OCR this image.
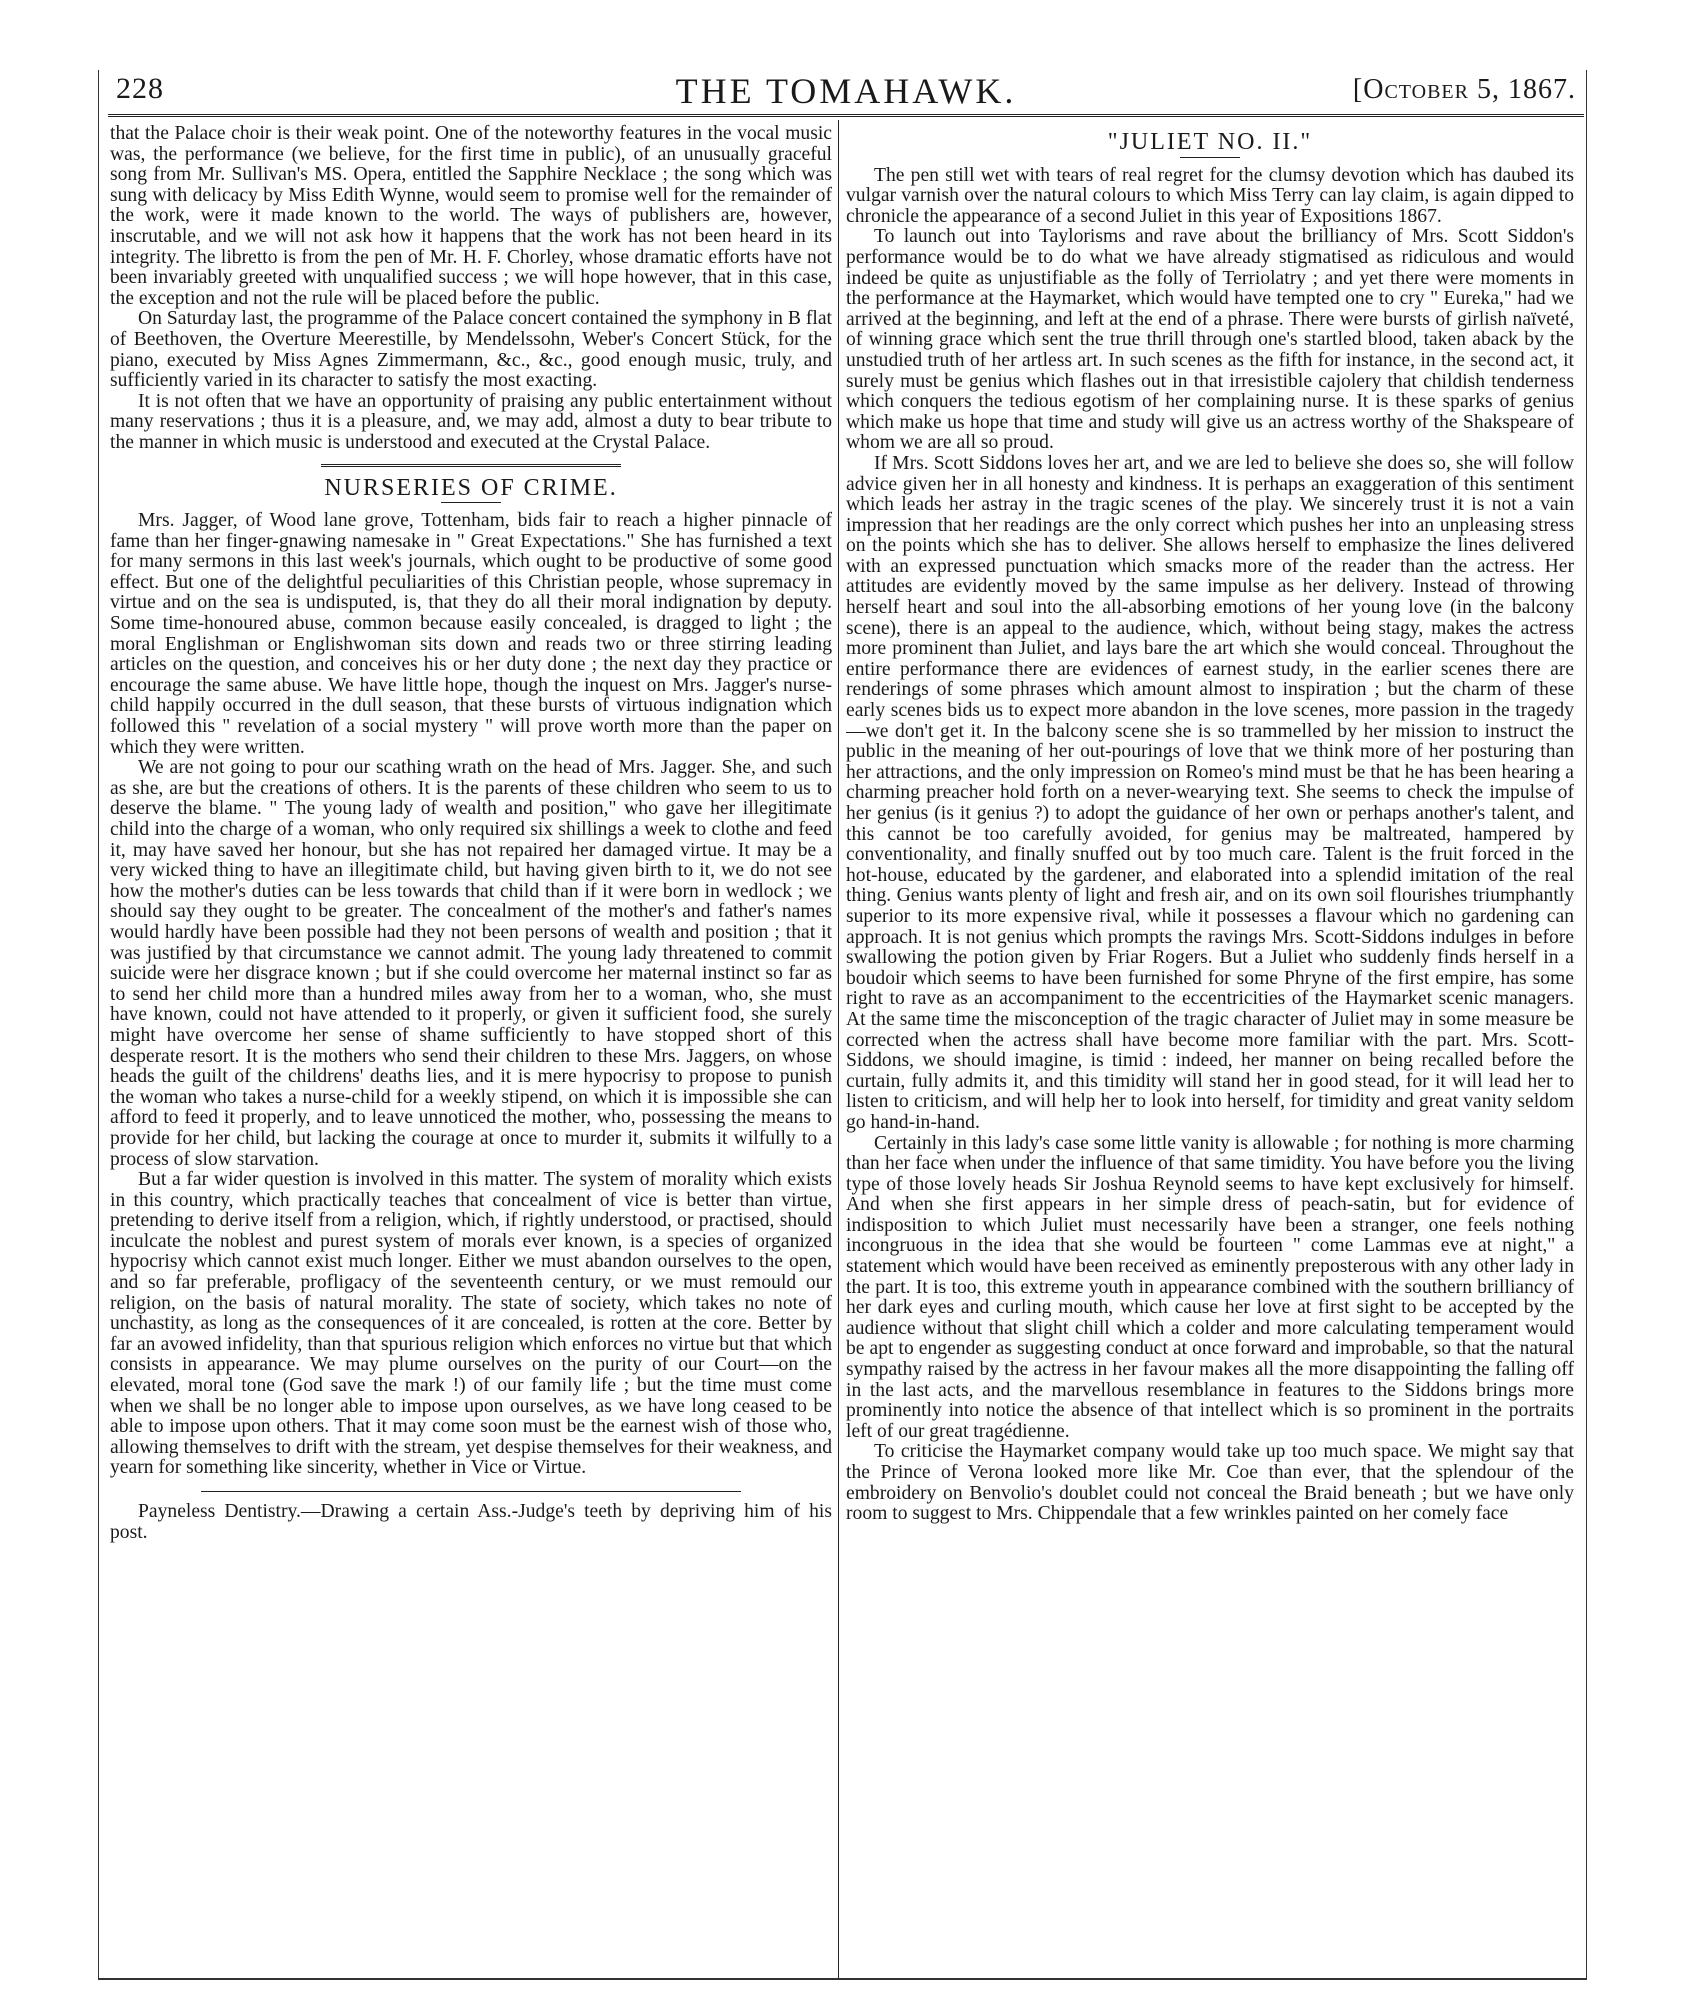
228	THE TOMAHAWK.	[October 5, 1867.

that the Palace choir is their weak point. One of the noteworthy features in the vocal music was, the performance (we believe, for the first time in public), of an unusually graceful song from Mr. Sullivan's MS. Opera, entitled the Sapphire Necklace ; the song which was sung with delicacy by Miss Edith Wynne, would seem to promise well for the remainder of the work, were it made known to the world. The ways of publishers are, however, inscrutable, and we will not ask how it happens that the work has not been heard in its integrity. The libretto is from the pen of Mr. H. F. Chorley, whose dramatic efforts have not been invariably greeted with unqualified success ; we will hope however, that in this case, the exception and not the rule will be placed before the public.

On Saturday last, the programme of the Palace concert contained the symphony in B flat of Beethoven, the Overture Meerestille, by Mendelssohn, Weber's Concert Stück, for the piano, executed by Miss Agnes Zimmermann, &c., &c., good enough music, truly, and sufficiently varied in its character to satisfy the most exacting.

It is not often that we have an opportunity of praising any public entertainment without many reservations ; thus it is a pleasure, and, we may add, almost a duty to bear tribute to the manner in which music is understood and executed at the Crystal Palace.

NURSERIES OF CRIME.

Mrs. Jagger, of Wood lane grove, Tottenham, bids fair to reach a higher pinnacle of fame than her finger-gnawing namesake in " Great Expectations." She has furnished a text for many sermons in this last week's journals, which ought to be productive of some good effect. But one of the delightful peculiarities of this Christian people, whose supremacy in virtue and on the sea is undisputed, is, that they do all their moral indignation by deputy. Some time-honoured abuse, common because easily concealed, is dragged to light ; the moral Englishman or Englishwoman sits down and reads two or three stirring leading articles on the question, and conceives his or her duty done ; the next day they practice or encourage the same abuse. We have little hope, though the inquest on Mrs. Jagger's nurse-child happily occurred in the dull season, that these bursts of virtuous indignation which followed this " revelation of a social mystery " will prove worth more than the paper on which they were written.

We are not going to pour our scathing wrath on the head of Mrs. Jagger. She, and such as she, are but the creations of others. It is the parents of these children who seem to us to deserve the blame. " The young lady of wealth and position," who gave her illegitimate child into the charge of a woman, who only required six shillings a week to clothe and feed it, may have saved her honour, but she has not repaired her damaged virtue. It may be a very wicked thing to have an illegitimate child, but having given birth to it, we do not see how the mother's duties can be less towards that child than if it were born in wedlock ; we should say they ought to be greater. The concealment of the mother's and father's names would hardly have been possible had they not been persons of wealth and position ; that it was justified by that circumstance we cannot admit. The young lady threatened to commit suicide were her disgrace known ; but if she could overcome her maternal instinct so far as to send her child more than a hundred miles away from her to a woman, who, she must have known, could not have attended to it properly, or given it sufficient food, she surely might have overcome her sense of shame sufficiently to have stopped short of this desperate resort. It is the mothers who send their children to these Mrs. Jaggers, on whose heads the guilt of the childrens' deaths lies, and it is mere hypocrisy to propose to punish the woman who takes a nurse-child for a weekly stipend, on which it is impossible she can afford to feed it properly, and to leave unnoticed the mother, who, possessing the means to provide for her child, but lacking the courage at once to murder it, submits it wilfully to a process of slow starvation.

But a far wider question is involved in this matter. The system of morality which exists in this country, which practically teaches that concealment of vice is better than virtue, pretending to derive itself from a religion, which, if rightly understood, or practised, should inculcate the noblest and purest system of morals ever known, is a species of organized hypocrisy which cannot exist much longer. Either we must abandon ourselves to the open, and so far preferable, profligacy of the seventeenth century, or we must remould our religion, on the basis of natural morality. The state of society, which takes no note of unchastity, as long as the consequences of it are concealed, is rotten at the core. Better by far an avowed infidelity, than that spurious religion which enforces no virtue but that which consists in appearance. We may plume ourselves on the purity of our Court—on the elevated, moral tone (God save the mark !) of our family life ; but the time must come when we shall be no longer able to impose upon ourselves, as we have long ceased to be able to impose upon others. That it may come soon must be the earnest wish of those who, allowing themselves to drift with the stream, yet despise themselves for their weakness, and yearn for something like sincerity, whether in Vice or Virtue.

Payneless Dentistry.—Drawing a certain Ass.-Judge's teeth by depriving him of his post.

"JULIET NO. II."

The pen still wet with tears of real regret for the clumsy devotion which has daubed its vulgar varnish over the natural colours to which Miss Terry can lay claim, is again dipped to chronicle the appearance of a second Juliet in this year of Expositions 1867.

To launch out into Taylorisms and rave about the brilliancy of Mrs. Scott Siddon's performance would be to do what we have already stigmatised as ridiculous and would indeed be quite as unjustifiable as the folly of Terriolatry ; and yet there were moments in the performance at the Haymarket, which would have tempted one to cry " Eureka," had we arrived at the beginning, and left at the end of a phrase. There were bursts of girlish naïveté, of winning grace which sent the true thrill through one's startled blood, taken aback by the unstudied truth of her artless art. In such scenes as the fifth for instance, in the second act, it surely must be genius which flashes out in that irresistible cajolery that childish tenderness which conquers the tedious egotism of her complaining nurse. It is these sparks of genius which make us hope that time and study will give us an actress worthy of the Shakspeare of whom we are all so proud.

If Mrs. Scott Siddons loves her art, and we are led to believe she does so, she will follow advice given her in all honesty and kindness. It is perhaps an exaggeration of this sentiment which leads her astray in the tragic scenes of the play. We sincerely trust it is not a vain impression that her readings are the only correct which pushes her into an unpleasing stress on the points which she has to deliver. She allows herself to emphasize the lines delivered with an expressed punctuation which smacks more of the reader than the actress. Her attitudes are evidently moved by the same impulse as her delivery. Instead of throwing herself heart and soul into the all-absorbing emotions of her young love (in the balcony scene), there is an appeal to the audience, which, without being stagy, makes the actress more prominent than Juliet, and lays bare the art which she would conceal. Throughout the entire performance there are evidences of earnest study, in the earlier scenes there are renderings of some phrases which amount almost to inspiration ; but the charm of these early scenes bids us to expect more abandon in the love scenes, more passion in the tragedy—we don't get it. In the balcony scene she is so trammelled by her mission to instruct the public in the meaning of her out-pourings of love that we think more of her posturing than her attractions, and the only impression on Romeo's mind must be that he has been hearing a charming preacher hold forth on a never-wearying text. She seems to check the impulse of her genius (is it genius ?) to adopt the guidance of her own or perhaps another's talent, and this cannot be too carefully avoided, for genius may be maltreated, hampered by conventionality, and finally snuffed out by too much care. Talent is the fruit forced in the hot-house, educated by the gardener, and elaborated into a splendid imitation of the real thing. Genius wants plenty of light and fresh air, and on its own soil flourishes triumphantly superior to its more expensive rival, while it possesses a flavour which no gardening can approach. It is not genius which prompts the ravings Mrs. Scott-Siddons indulges in before swallowing the potion given by Friar Rogers. But a Juliet who suddenly finds herself in a boudoir which seems to have been furnished for some Phryne of the first empire, has some right to rave as an accompaniment to the eccentricities of the Haymarket scenic managers. At the same time the misconception of the tragic character of Juliet may in some measure be corrected when the actress shall have become more familiar with the part. Mrs. Scott-Siddons, we should imagine, is timid : indeed, her manner on being recalled before the curtain, fully admits it, and this timidity will stand her in good stead, for it will lead her to listen to criticism, and will help her to look into herself, for timidity and great vanity seldom go hand-in-hand.

Certainly in this lady's case some little vanity is allowable ; for nothing is more charming than her face when under the influence of that same timidity. You have before you the living type of those lovely heads Sir Joshua Reynold seems to have kept exclusively for himself. And when she first appears in her simple dress of peach-satin, but for evidence of indisposition to which Juliet must necessarily have been a stranger, one feels nothing incongruous in the idea that she would be fourteen " come Lammas eve at night," a statement which would have been received as eminently preposterous with any other lady in the part. It is too, this extreme youth in appearance combined with the southern brilliancy of her dark eyes and curling mouth, which cause her love at first sight to be accepted by the audience without that slight chill which a colder and more calculating temperament would be apt to engender as suggesting conduct at once forward and improbable, so that the natural sympathy raised by the actress in her favour makes all the more disappointing the falling off in the last acts, and the marvellous resemblance in features to the Siddons brings more prominently into notice the absence of that intellect which is so prominent in the portraits left of our great tragédienne.

To criticise the Haymarket company would take up too much space. We might say that the Prince of Verona looked more like Mr. Coe than ever, that the splendour of the embroidery on Benvolio's doublet could not conceal the Braid beneath ; but we have only room to suggest to Mrs. Chippendale that a few wrinkles painted on her comely face
